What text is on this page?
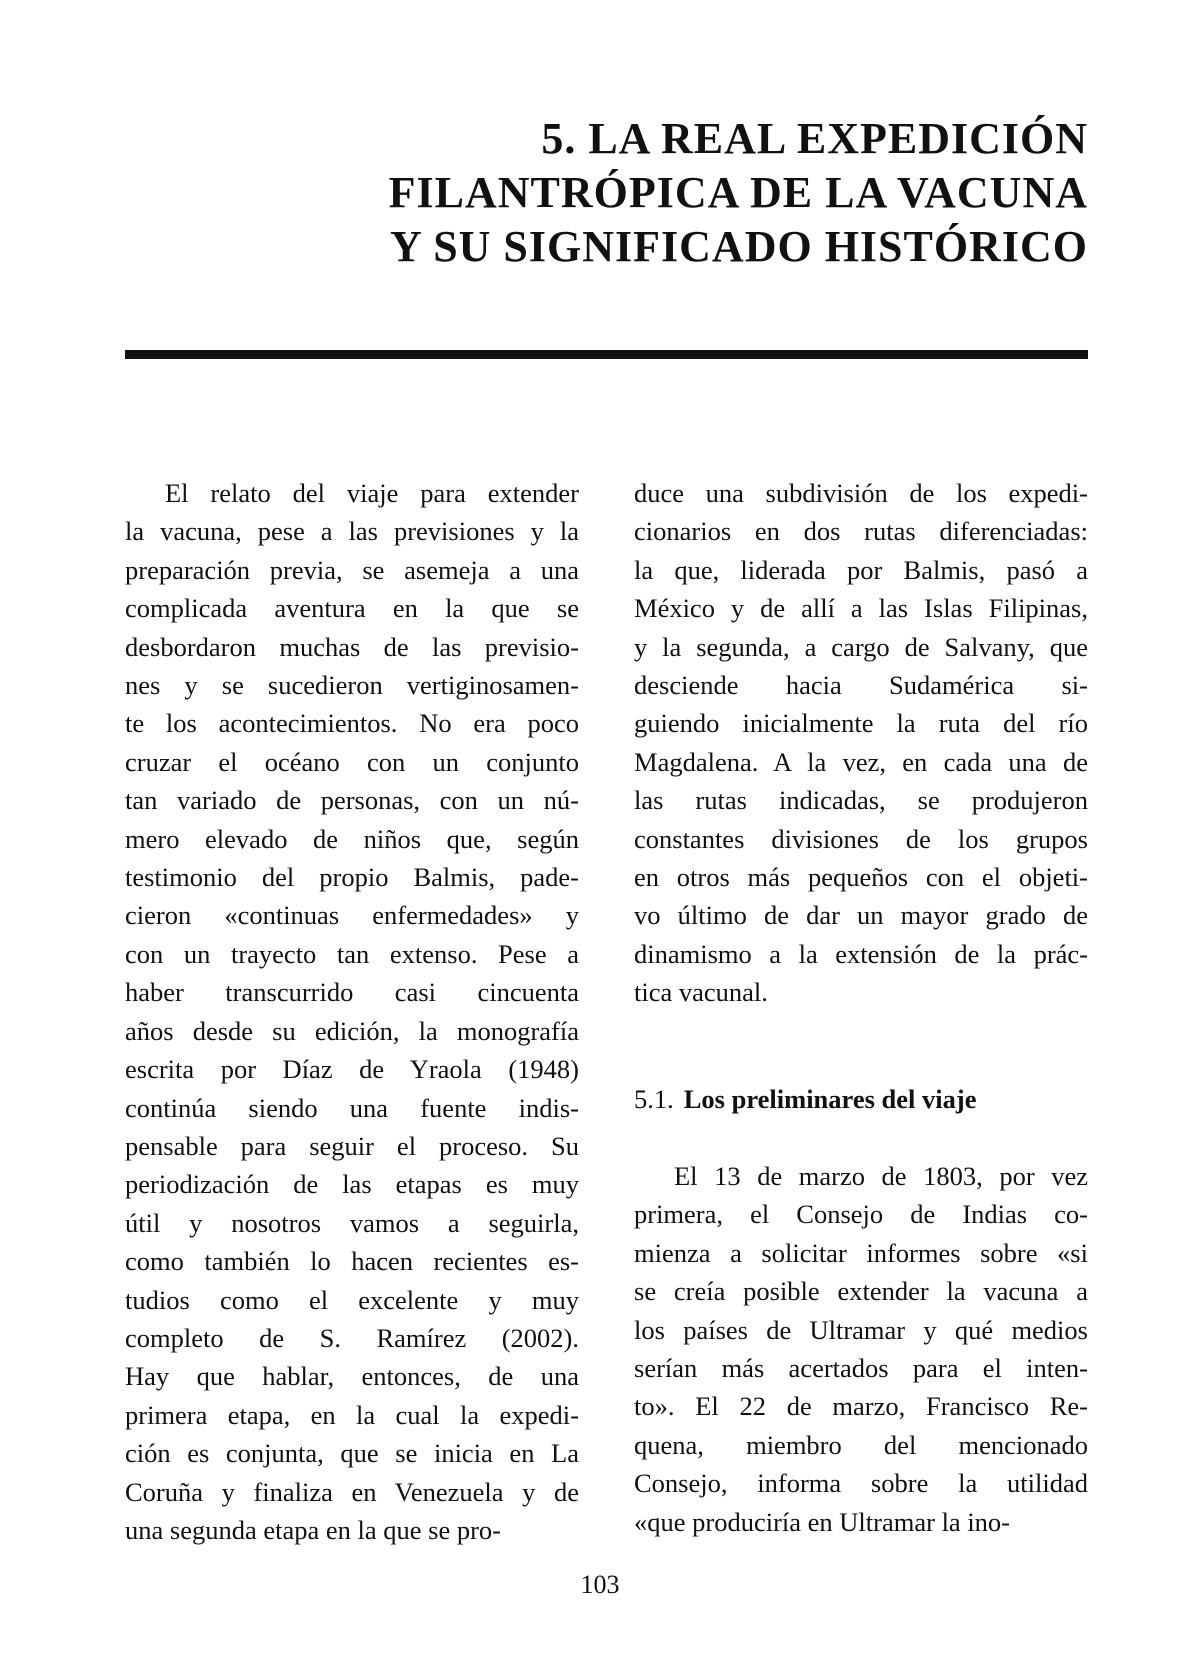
5. LA REAL EXPEDICIÓN
FILANTRÓPICA DE LA VACUNA
Y SU SIGNIFICADO HISTÓRICO
El relato del viaje para extender
la vacuna, pese a las previsiones y la
preparación previa, se asemeja a una
complicada aventura en la que se
desbordaron muchas de las previsio-
nes y se sucedieron vertiginosamen-
te los acontecimientos. No era poco
cruzar el océano con un conjunto
tan variado de personas, con un nú-
mero elevado de niños que, según
testimonio del propio Balmis, pade-
cieron «continuas enfermedades» y
con un trayecto tan extenso. Pese a
haber transcurrido casi cincuenta
años desde su edición, la monografía
escrita por Díaz de Yraola (1948)
continúa siendo una fuente indis-
pensable para seguir el proceso. Su
periodización de las etapas es muy
útil y nosotros vamos a seguirla,
como también lo hacen recientes es-
tudios como el excelente y muy
completo de S. Ramírez (2002).
Hay que hablar, entonces, de una
primera etapa, en la cual la expedi-
ción es conjunta, que se inicia en La
Coruña y finaliza en Venezuela y de
una segunda etapa en la que se pro-
duce una subdivisión de los expedi-
cionarios en dos rutas diferenciadas:
la que, liderada por Balmis, pasó a
México y de allí a las Islas Filipinas,
y la segunda, a cargo de Salvany, que
desciende hacia Sudamérica si-
guiendo inicialmente la ruta del río
Magdalena. A la vez, en cada una de
las rutas indicadas, se produjeron
constantes divisiones de los grupos
en otros más pequeños con el objeti-
vo último de dar un mayor grado de
dinamismo a la extensión de la prác-
tica vacunal.
5.1. Los preliminares del viaje
El 13 de marzo de 1803, por vez
primera, el Consejo de Indias co-
mienza a solicitar informes sobre «si
se creía posible extender la vacuna a
los países de Ultramar y qué medios
serían más acertados para el inten-
to». El 22 de marzo, Francisco Re-
quena, miembro del mencionado
Consejo, informa sobre la utilidad
«que produciría en Ultramar la ino-
103
